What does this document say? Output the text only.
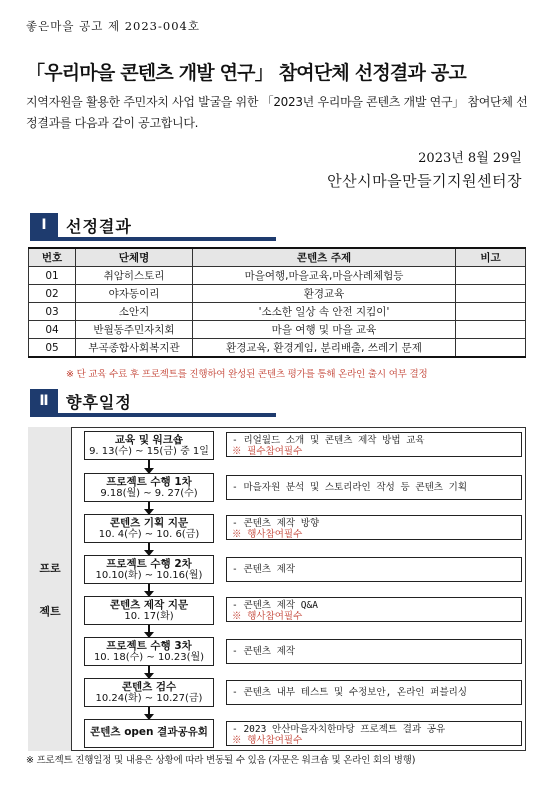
좋은마을 공고 제 2023-004호
「우리마을 콘텐츠 개발 연구」 참여단체 선정결과 공고
지역자원을 활용한 주민자치 사업 발굴을 위한 「2023년 우리마을 콘텐츠 개발 연구」 참여단체 선정결과를 다음과 같이 공고합니다.
2023년 8월 29일
안산시마을만들기지원센터장
Ⅰ	선정결과
번호	단체명	콘텐츠 주제	비고
01	취암히스토리	마을여행,마을교육,마을사례체험등	
02	야자동이리	환경교육	
03	소안지	'소소한 일상 속 안전 지킴이'	
04	반월동주민자치회	마을 여행 및 마을 교육	
05	부곡종합사회복지관	환경교육, 환경게임, 분리배출, 쓰레기 문제	
※ 단 교육 수료 후 프로젝트를 진행하여 완성된 콘텐츠 평가를 통해 온라인 출시 여부 결정
Ⅱ	향후일정
프로
젝트
교육 및 워크숍
9. 13(수) ~ 15(금) 중 1일
- 리얼월드 소개 및 콘텐츠 제작 방법 교육
※ 필수참여필수
프로젝트 수행 1차
9.18(월) ~ 9. 27(수)
- 마을자원 분석 및 스토리라인 작성 등 콘텐츠 기획
콘텐츠 기획 지문
10. 4(수) ~ 10. 6(금)
- 콘텐츠 제작 방향
※ 행사참여필수
프로젝트 수행 2차
10.10(화) ~ 10.16(월)
- 콘텐츠 제작
콘텐츠 제작 지문
10. 17(화)
- 콘텐츠 제작 Q&A
※ 행사참여필수
프로젝트 수행 3차
10. 18(수) ~ 10.23(월)
- 콘텐츠 제작
콘텐츠 검수
10.24(화) ~ 10.27(금)
- 콘텐츠 내부 테스트 및 수정보안, 온라인 퍼블리싱
콘텐츠 open 결과공유회	- 2023 안산마을자치한마당 프로젝트 결과 공유
※ 행사참여필수
※ 프로젝트 진행일정 및 내용은 상황에 따라 변동될 수 있음 (자문은 워크숍 및 온라인 회의 병행)
